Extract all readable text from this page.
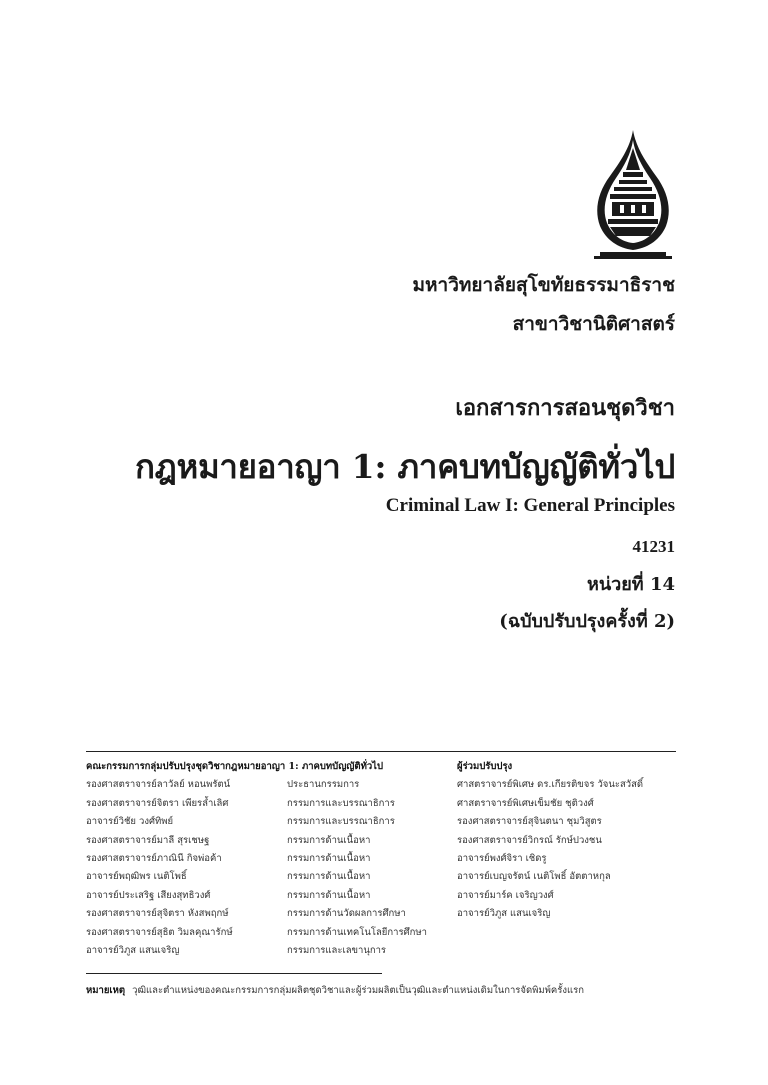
มหาวิทยาลัยสุโขทัยธรรมาธิราช
สาขาวิชานิติศาสตร์
เอกสารการสอนชุดวิชา
กฎหมายอาญา 1: ภาคบทบัญญัติทั่วไป
Criminal Law I: General Principles
41231
หน่วยที่ 14
(ฉบับปรับปรุงครั้งที่ 2)
คณะกรรมการกลุ่มปรับปรุงชุดวิชากฎหมายอาญา 1: ภาคบทบัญญัติทั่วไป
รองศาสตราจารย์ลาวัลย์ หอนพรัตน์
รองศาสตราจารย์จิตรา เพียรล้ำเลิศ
อาจารย์วิชัย วงศ์ทิพย์
รองศาสตราจารย์มาลี สุรเชษฐ
รองศาสตราจารย์ภาณินี กิจพ่อค้า
อาจารย์พฤฒิพร เนติโพธิ์
อาจารย์ประเสริฐ เสียงสุทธิวงศ์
รองศาสตราจารย์สุจิตรา หังสพฤกษ์
รองศาสตราจารย์สุธิต วิมลคุณารักษ์
อาจารย์วิภูส แสนเจริญ

ประธานกรรมการ
กรรมการและบรรณาธิการ
กรรมการและบรรณาธิการ
กรรมการด้านเนื้อหา
กรรมการด้านเนื้อหา
กรรมการด้านเนื้อหา
กรรมการด้านเนื้อหา
กรรมการด้านวัดผลการศึกษา
กรรมการด้านเทคโนโลยีการศึกษา
กรรมการและเลขานุการ
ผู้ร่วมปรับปรุง
ศาสตราจารย์พิเศษ ดร.เกียรติขจร วัจนะสวัสดิ์
ศาสตราจารย์พิเศษเข็มชัย ชุติวงศ์
รองศาสตราจารย์สุจินตนา ชุมวิสูตร
รองศาสตราจารย์วิกรณ์ รักษ์ปวงชน
อาจารย์พงศ์จิรา เชิดรู
อาจารย์เบญจรัตน์ เนติโพธิ์ อัตตาหกุล
อาจารย์มาร์ค เจริญวงศ์
อาจารย์วิภูส แสนเจริญ
หมายเหตุ วุฒิและตำแหน่งของคณะกรรมการกลุ่มผลิตชุดวิชาและผู้ร่วมผลิตเป็นวุฒิและตำแหน่งเดิมในการจัดพิมพ์ครั้งแรก
